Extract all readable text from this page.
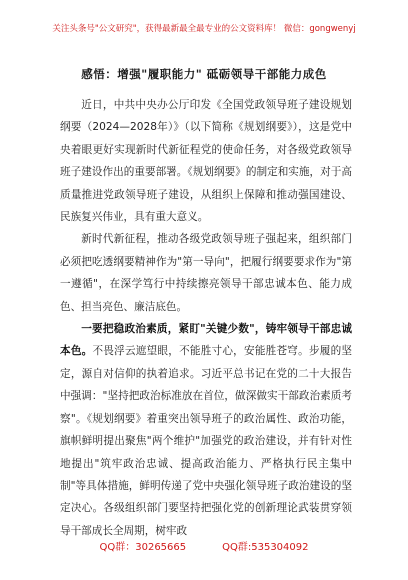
关注头条号"公文研究"，获得最新最全最专业的公文资料库！ 微信：gongwenyj
感悟：增强"履职能力" 砥砺领导干部能力成色

近日，中共中央办公厅印发《全国党政领导班子建设规划纲要（2024—2028年）》（以下简称《规划纲要》），这是党中央着眼更好实现新时代新征程党的使命任务，对各级党政领导班子建设作出的重要部署。《规划纲要》的制定和实施，对于高质量推进党政领导班子建设，从组织上保障和推动强国建设、民族复兴伟业，具有重大意义。

新时代新征程，推动各级党政领导班子强起来，组织部门必须把吃透纲要精神作为"第一导向"，把履行纲要要求作为"第一遵循"，在深学笃行中持续擦亮领导干部忠诚本色、能力成色、担当亮色、廉洁底色。

一要把稳政治素质，紧盯"关键少数"，铸牢领导干部忠诚本色。不畏浮云遮望眼，不能胜寸心，安能胜苍穹。步履的坚定，源自对信仰的执着追求。习近平总书记在党的二十大报告中强调："坚持把政治标准放在首位，做深做实干部政治素质考察"。《规划纲要》着重突出领导班子的政治属性、政治功能，旗帜鲜明提出聚焦"两个维护"加强党的政治建设，并有针对性地提出"筑牢政治忠诚、提高政治能力、严格执行民主集中制"等具体措施，鲜明传递了党中央强化领导班子政治建设的坚定决心。各级组织部门要坚持把强化党的创新理论武装贯穿领导干部成长全周期，树牢政

QQ群：30265665	QQ群:535304092
